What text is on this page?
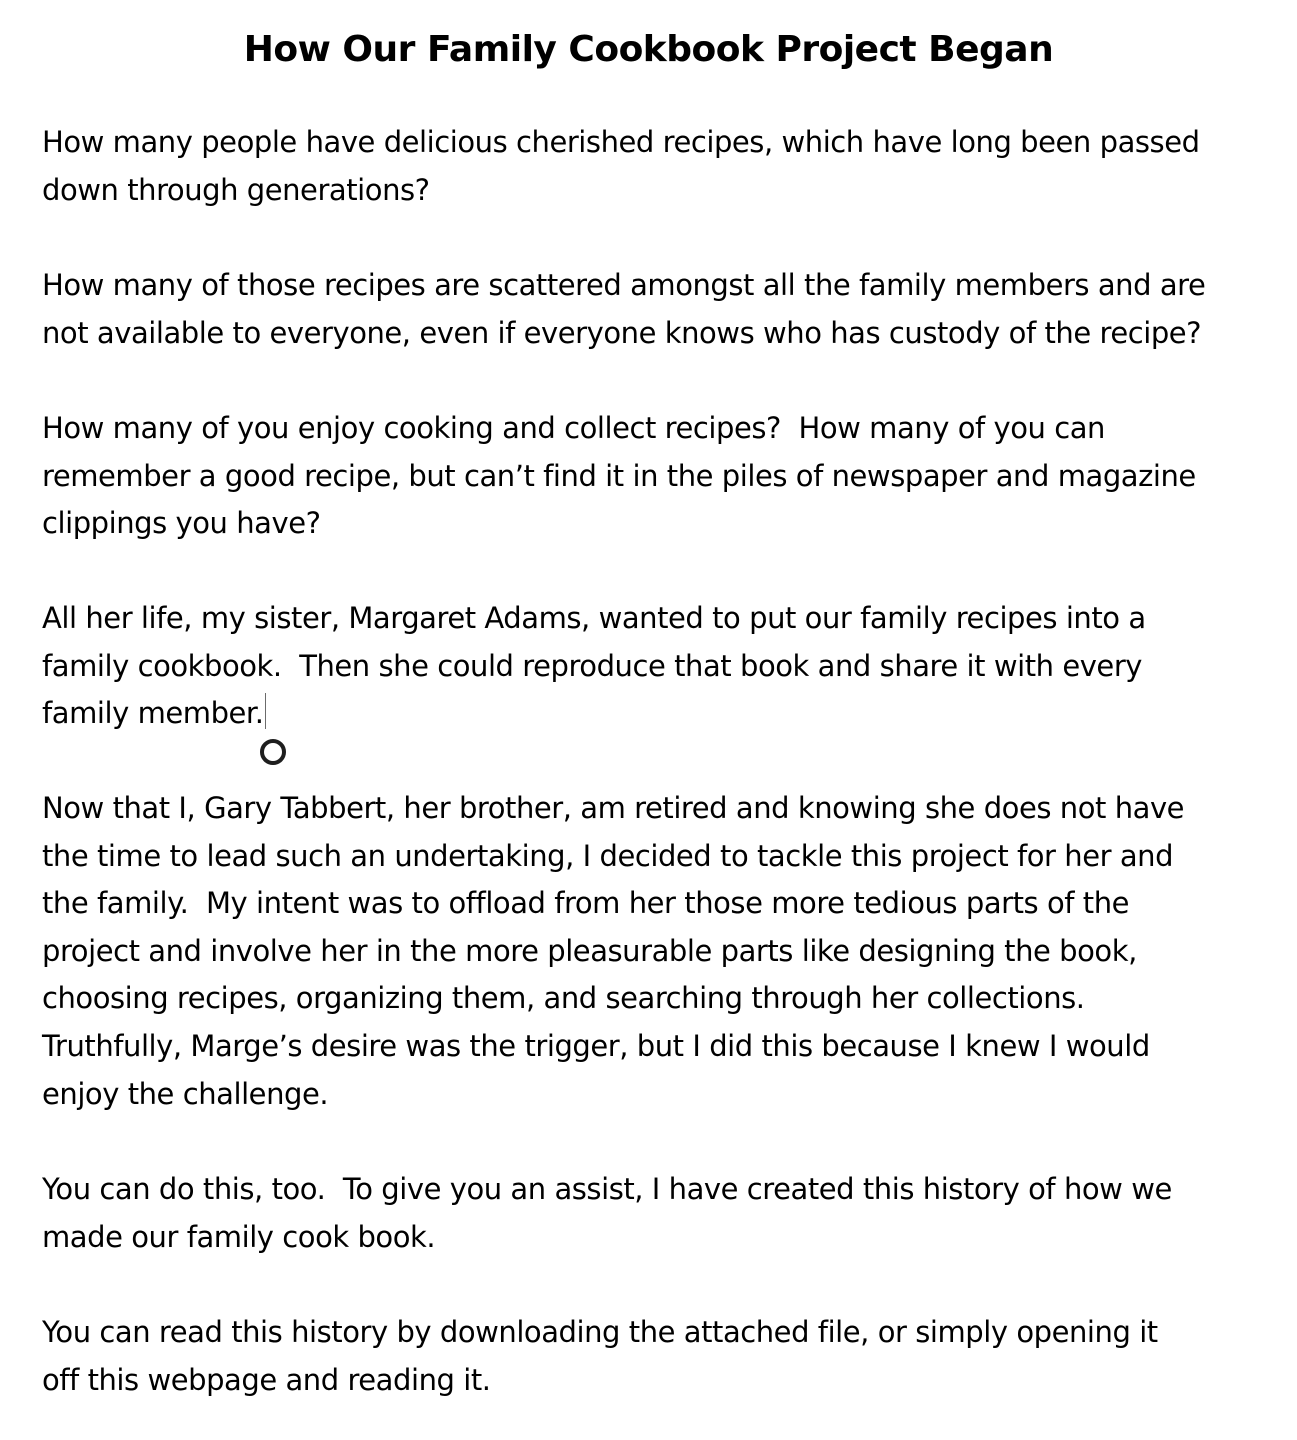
How Our Family Cookbook Project Began

How many people have delicious cherished recipes, which have long been passed
down through generations?

How many of those recipes are scattered amongst all the family members and are
not available to everyone, even if everyone knows who has custody of the recipe?

How many of you enjoy cooking and collect recipes?  How many of you can
remember a good recipe, but can’t find it in the piles of newspaper and magazine
clippings you have?

All her life, my sister, Margaret Adams, wanted to put our family recipes into a
family cookbook.  Then she could reproduce that book and share it with every
family member.

Now that I, Gary Tabbert, her brother, am retired and knowing she does not have
the time to lead such an undertaking, I decided to tackle this project for her and
the family.  My intent was to offload from her those more tedious parts of the
project and involve her in the more pleasurable parts like designing the book,
choosing recipes, organizing them, and searching through her collections.
Truthfully, Marge’s desire was the trigger, but I did this because I knew I would
enjoy the challenge.

You can do this, too.  To give you an assist, I have created this history of how we
made our family cook book.

You can read this history by downloading the attached file, or simply opening it
off this webpage and reading it.
